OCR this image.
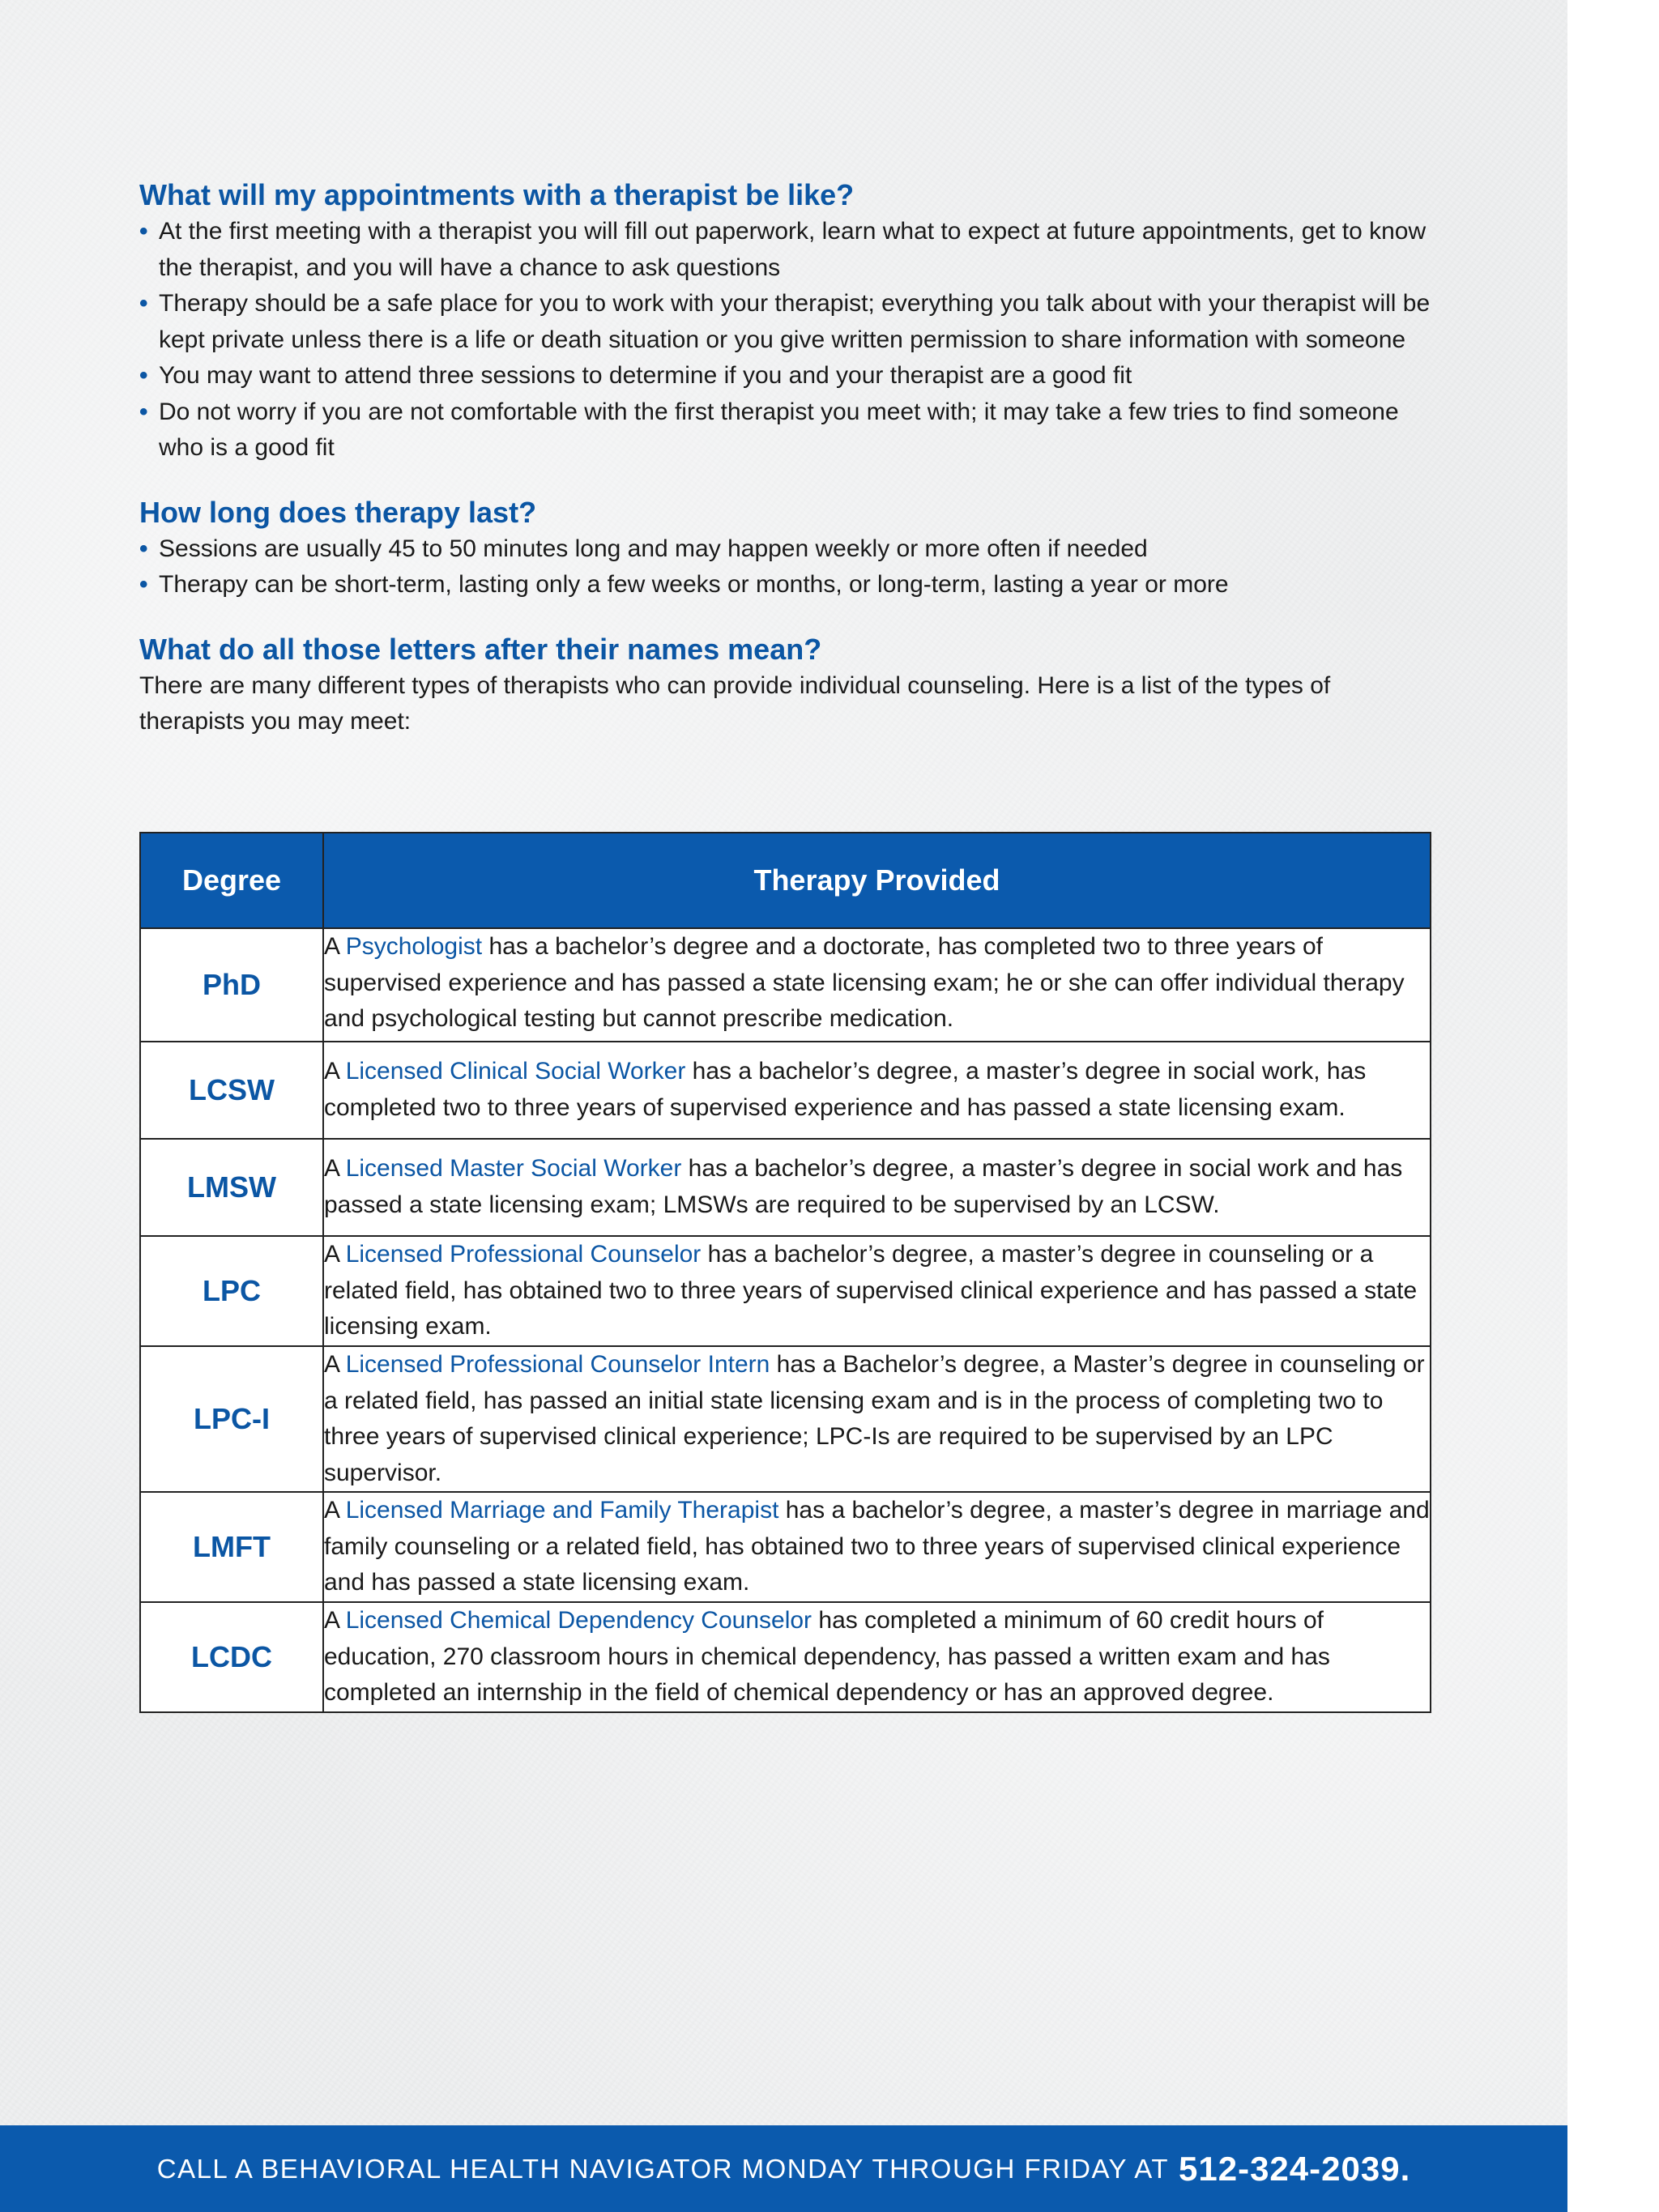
What will my appointments with a therapist be like?
• At the first meeting with a therapist you will fill out paperwork, learn what to expect at future appointments, get to know the therapist, and you will have a chance to ask questions
• Therapy should be a safe place for you to work with your therapist; everything you talk about with your therapist will be kept private unless there is a life or death situation or you give written permission to share information with someone
• You may want to attend three sessions to determine if you and your therapist are a good fit
• Do not worry if you are not comfortable with the first therapist you meet with; it may take a few tries to find someone who is a good fit
How long does therapy last?
• Sessions are usually 45 to 50 minutes long and may happen weekly or more often if needed
• Therapy can be short-term, lasting only a few weeks or months, or long-term, lasting a year or more
What do all those letters after their names mean?

There are many different types of therapists who can provide individual counseling. Here is a list of the types of therapists you may meet:

Degree	Therapy Provided
PhD	A Psychologist has a bachelor’s degree and a doctorate, has completed two to three years of supervised experience and has passed a state licensing exam; he or she can offer individual therapy and psychological testing but cannot prescribe medication.
LCSW	A Licensed Clinical Social Worker has a bachelor’s degree, a master’s degree in social work, has completed two to three years of supervised experience and has passed a state licensing exam.
LMSW	A Licensed Master Social Worker has a bachelor’s degree, a master’s degree in social work and has passed a state licensing exam; LMSWs are required to be supervised by an LCSW.
LPC	A Licensed Professional Counselor has a bachelor’s degree, a master’s degree in counseling or a related field, has obtained two to three years of supervised clinical experience and has passed a state licensing exam.
LPC-I	A Licensed Professional Counselor Intern has a Bachelor’s degree, a Master’s degree in counseling or a related field, has passed an initial state licensing exam and is in the process of completing two to three years of supervised clinical experience; LPC-Is are required to be supervised by an LPC supervisor.
LMFT	A Licensed Marriage and Family Therapist has a bachelor’s degree, a master’s degree in marriage and family counseling or a related field, has obtained two to three years of supervised clinical experience and has passed a state licensing exam.
LCDC	A Licensed Chemical Dependency Counselor has completed a minimum of 60 credit hours of education, 270 classroom hours in chemical dependency, has passed a written exam and has completed an internship in the field of chemical dependency or has an approved degree.
CALL A BEHAVIORAL HEALTH NAVIGATOR MONDAY THROUGH FRIDAY AT 512-324-2039.
